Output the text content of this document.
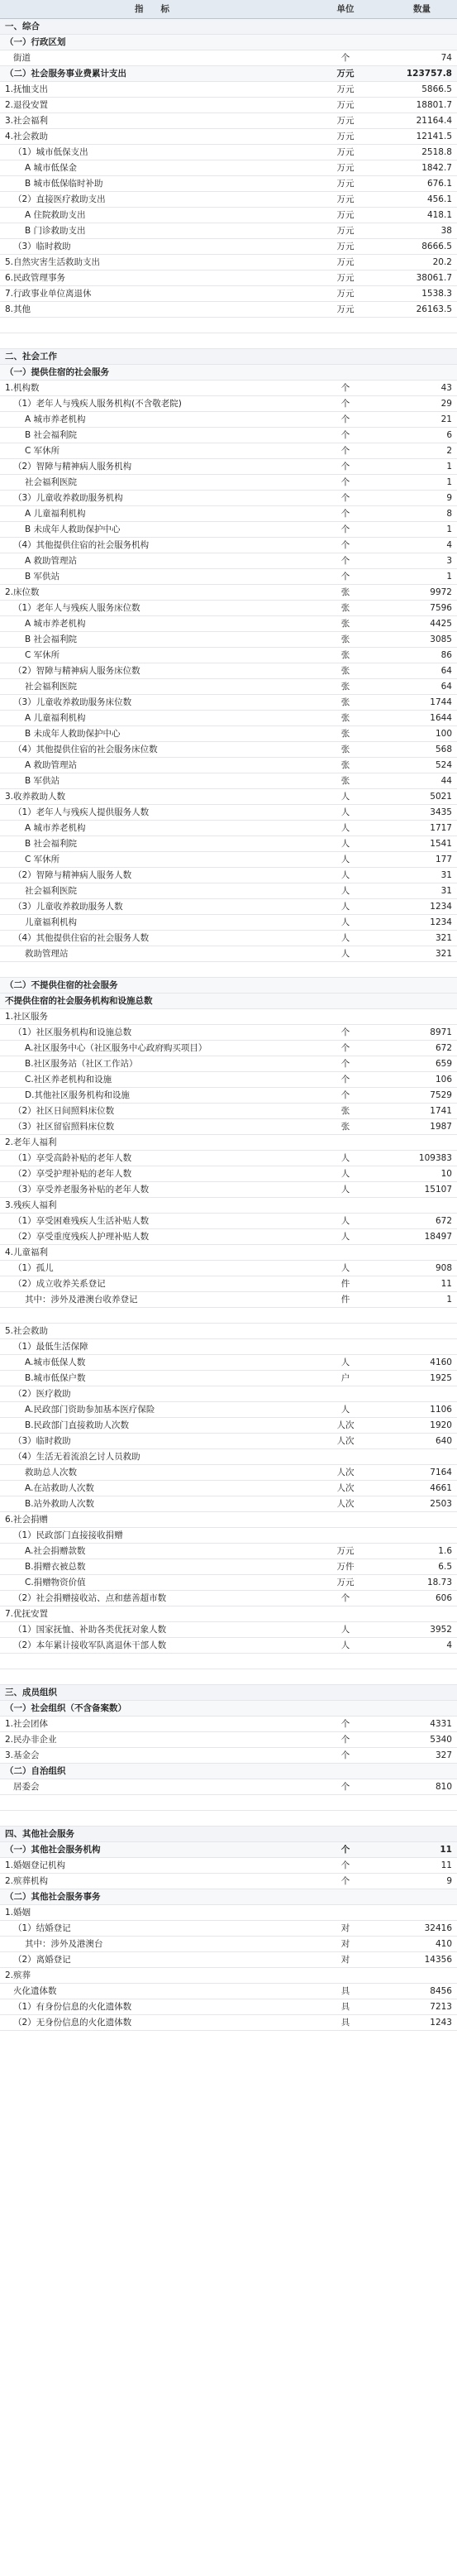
指　　标	单位	数量
一、综合		
（一）行政区划		
街道	个	74
（二）社会服务事业费累计支出	万元	123757.8
1.抚恤支出	万元	5866.5
2.退役安置	万元	18801.7
3.社会福利	万元	21164.4
4.社会救助	万元	12141.5
（1）城市低保支出	万元	2518.8
A 城市低保金	万元	1842.7
B 城市低保临时补助	万元	676.1
（2）直接医疗救助支出	万元	456.1
A 住院救助支出	万元	418.1
B 门诊救助支出	万元	38
（3）临时救助	万元	8666.5
5.自然灾害生活救助支出	万元	20.2
6.民政管理事务	万元	38061.7
7.行政事业单位离退休	万元	1538.3
8.其他	万元	26163.5

二、社会工作		
（一）提供住宿的社会服务		
1.机构数	个	43
（1）老年人与残疾人服务机构(不含敬老院)	个	29
A 城市养老机构	个	21
B 社会福利院	个	6
C 军休所	个	2
（2）智障与精神病人服务机构	个	1
社会福利医院	个	1
（3）儿童收养救助服务机构	个	9
A 儿童福利机构	个	8
B 未成年人救助保护中心	个	1
（4）其他提供住宿的社会服务机构	个	4
A 救助管理站	个	3
B 军供站	个	1
2.床位数	张	9972
（1）老年人与残疾人服务床位数	张	7596
A 城市养老机构	张	4425
B 社会福利院	张	3085
C 军休所	张	86
（2）智障与精神病人服务床位数	张	64
社会福利医院	张	64
（3）儿童收养救助服务床位数	张	1744
A 儿童福利机构	张	1644
B 未成年人救助保护中心	张	100
（4）其他提供住宿的社会服务床位数	张	568
A 救助管理站	张	524
B 军供站	张	44
3.收养救助人数	人	5021
（1）老年人与残疾人提供服务人数	人	3435
A 城市养老机构	人	1717
B 社会福利院	人	1541
C 军休所	人	177
（2）智障与精神病人服务人数	人	31
社会福利医院	人	31
（3）儿童收养救助服务人数	人	1234
儿童福利机构	人	1234
（4）其他提供住宿的社会服务人数	人	321
救助管理站	人	321

（二）不提供住宿的社会服务		
不提供住宿的社会服务机构和设施总数		
1.社区服务		
（1）社区服务机构和设施总数	个	8971
A.社区服务中心（社区服务中心政府购买项目）	个	672
B.社区服务站（社区工作站）	个	659
C.社区养老机构和设施	个	106
D.其他社区服务机构和设施	个	7529
（2）社区日间照料床位数	张	1741
（3）社区留宿照料床位数	张	1987
2.老年人福利		
（1）享受高龄补贴的老年人数	人	109383
（2）享受护理补贴的老年人数	人	10
（3）享受养老服务补贴的老年人数	人	15107
3.残疾人福利		
（1）享受困难残疾人生活补贴人数	人	672
（2）享受重度残疾人护理补贴人数	人	18497
4.儿童福利		
（1）孤儿	人	908
（2）成立收养关系登记	件	11
其中：涉外及港澳台收养登记	件	1

5.社会救助		
（1）最低生活保障		
A.城市低保人数	人	4160
B.城市低保户数	户	1925
（2）医疗救助		
A.民政部门资助参加基本医疗保险	人	1106
B.民政部门直接救助人次数	人次	1920
（3）临时救助	人次	640
（4）生活无着流浪乞讨人员救助		
救助总人次数	人次	7164
A.在站救助人次数	人次	4661
B.站外救助人次数	人次	2503
6.社会捐赠		
（1）民政部门直接接收捐赠		
A.社会捐赠款数	万元	1.6
B.捐赠衣被总数	万件	6.5
C.捐赠物资价值	万元	18.73
（2）社会捐赠接收站、点和慈善超市数	个	606
7.优抚安置		
（1）国家抚恤、补助各类优抚对象人数	人	3952
（2）本年累计接收军队离退休干部人数	人	4

三、成员组织		
（一）社会组织（不含备案数）		
1.社会团体	个	4331
2.民办非企业	个	5340
3.基金会	个	327
（二）自治组织		
居委会	个	810

四、其他社会服务		
（一）其他社会服务机构	个	11
1.婚姻登记机构	个	11
2.殡葬机构	个	9
（二）其他社会服务事务		
1.婚姻		
（1）结婚登记	对	32416
其中：涉外及港澳台	对	410
（2）离婚登记	对	14356
2.殡葬		
火化遗体数	具	8456
（1）有身份信息的火化遗体数	具	7213
（2）无身份信息的火化遗体数	具	1243
